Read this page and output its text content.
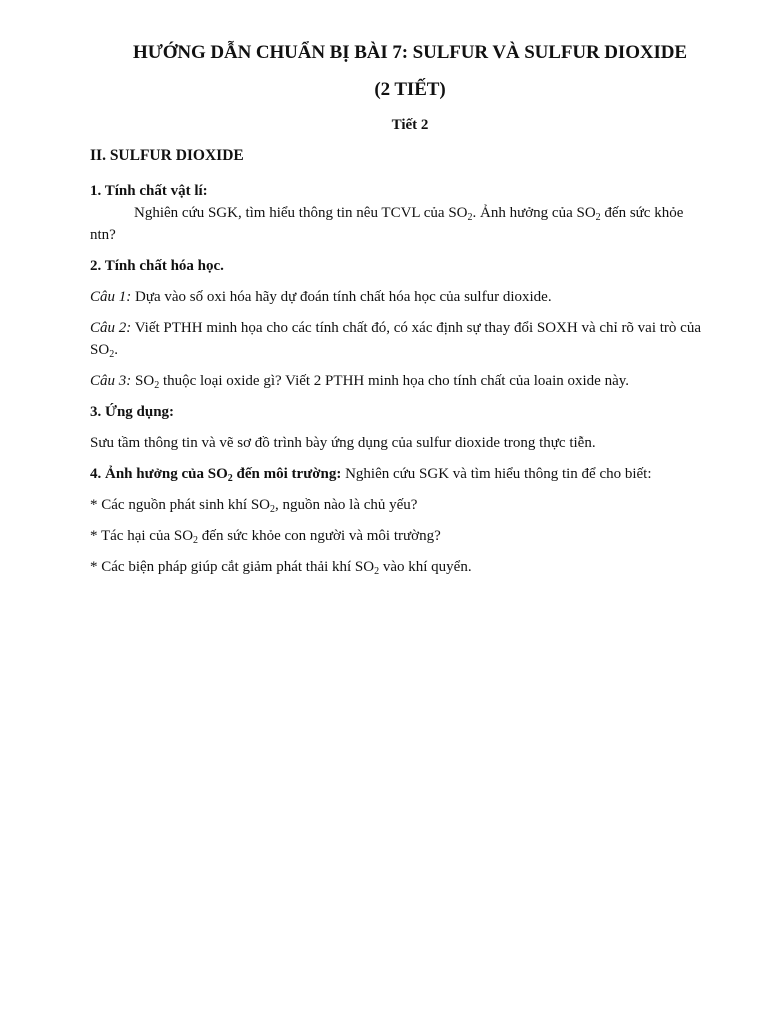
HƯỚNG DẪN CHUẨN BỊ BÀI 7: SULFUR VÀ SULFUR DIOXIDE
(2 TIẾT)
Tiết 2
II. SULFUR DIOXIDE
1. Tính chất vật lí:
Nghiên cứu SGK, tìm hiểu thông tin nêu TCVL của $SO_2$. Ảnh hưởng của $SO_2$ đến sức khỏe ntn?
2. Tính chất hóa học.
Câu 1: Dựa vào số oxi hóa hãy dự đoán tính chất hóa học của sulfur dioxide.
Câu 2: Viết PTHH minh họa cho các tính chất đó, có xác định sự thay đổi SOXH và chỉ rõ vai trò của $SO_2$.
Câu 3: $SO_2$ thuộc loại oxide gì? Viết 2 PTHH minh họa cho tính chất của loain oxide này.
3. Ứng dụng:
Sưu tầm thông tin và vẽ sơ đồ trình bày ứng dụng của sulfur dioxide trong thực tiễn.
4. Ảnh hưởng của $SO_2$ đến môi trường: Nghiên cứu SGK và tìm hiểu thông tin để cho biết:
* Các nguồn phát sinh khí $SO_2$, nguồn nào là chủ yếu?
* Tác hại của $SO_2$ đến sức khỏe con người và môi trường?
* Các biện pháp giúp cắt giảm phát thải khí $SO_2$ vào khí quyển.
